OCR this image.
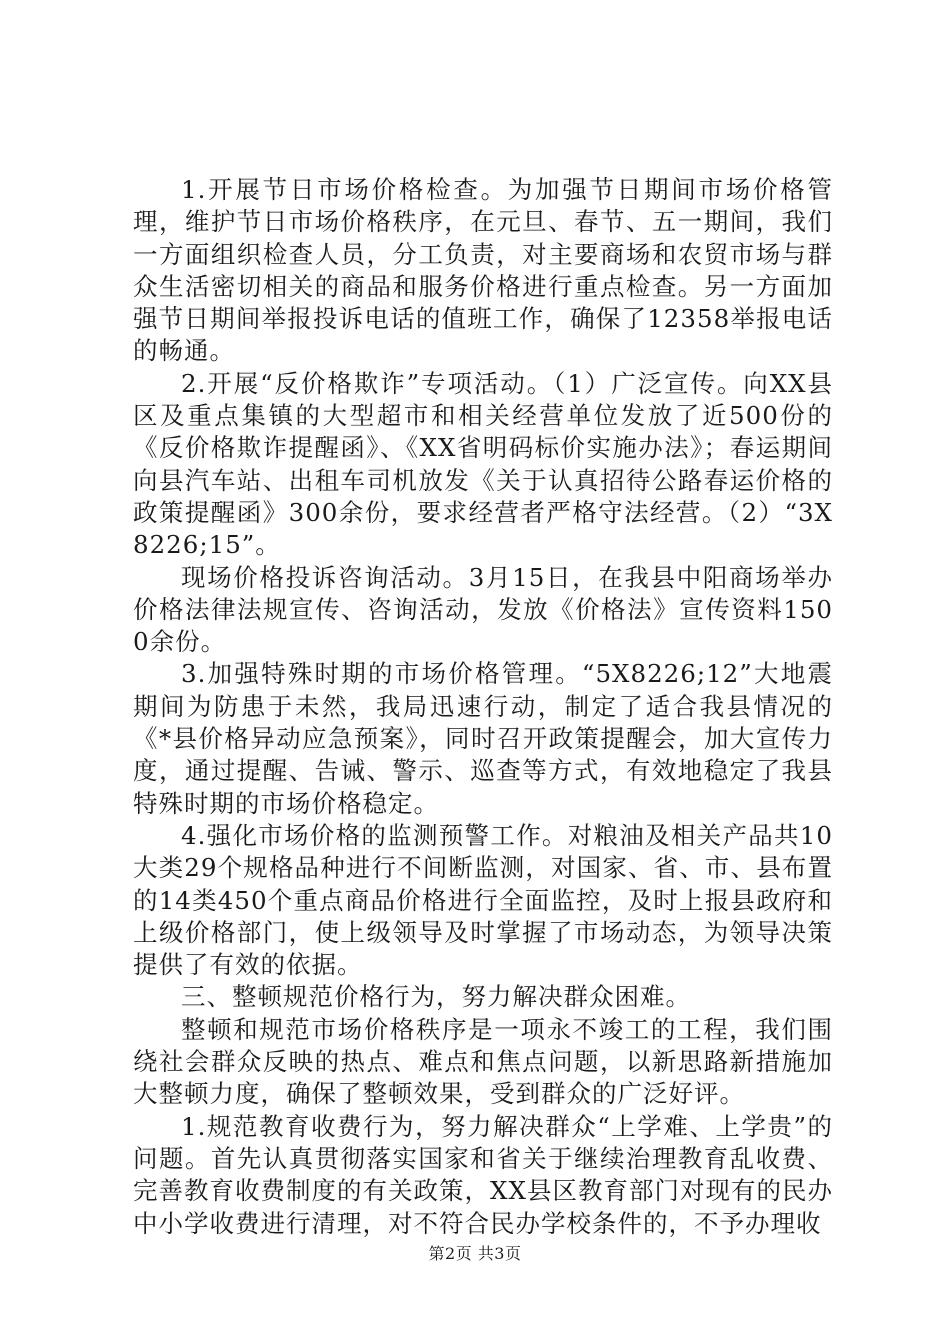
1.开展节日市场价格检查。为加强节日期间市场价格管理，维护节日市场价格秩序，在元旦、春节、五一期间，我们一方面组织检查人员，分工负责，对主要商场和农贸市场与群众生活密切相关的商品和服务价格进行重点检查。另一方面加强节日期间举报投诉电话的值班工作，确保了12358举报电话的畅通。

2.开展“反价格欺诈”专项活动。（1）广泛宣传。向XX县区及重点集镇的大型超市和相关经营单位发放了近500份的《反价格欺诈提醒函》、《XX省明码标价实施办法》；春运期间向县汽车站、出租车司机放发《关于认真招待公路春运价格的政策提醒函》300余份，要求经营者严格守法经营。（2）“3X8226;15”。

现场价格投诉咨询活动。3月15日，在我县中阳商场举办价格法律法规宣传、咨询活动，发放《价格法》宣传资料1500余份。

3.加强特殊时期的市场价格管理。“5X8226;12”大地震期间为防患于未然，我局迅速行动，制定了适合我县情况的《*县价格异动应急预案》，同时召开政策提醒会，加大宣传力度，通过提醒、告诫、警示、巡查等方式，有效地稳定了我县特殊时期的市场价格稳定。

4.强化市场价格的监测预警工作。对粮油及相关产品共10大类29个规格品种进行不间断监测，对国家、省、市、县布置的14类450个重点商品价格进行全面监控，及时上报县政府和上级价格部门，使上级领导及时掌握了市场动态，为领导决策提供了有效的依据。

三、整顿规范价格行为，努力解决群众困难。

整顿和规范市场价格秩序是一项永不竣工的工程，我们围绕社会群众反映的热点、难点和焦点问题，以新思路新措施加大整顿力度，确保了整顿效果，受到群众的广泛好评。

1.规范教育收费行为，努力解决群众“上学难、上学贵”的问题。首先认真贯彻落实国家和省关于继续治理教育乱收费、完善教育收费制度的有关政策，XX县区教育部门对现有的民办中小学收费进行清理，对不符合民办学校条件的，不予办理收

第2页 共3页
